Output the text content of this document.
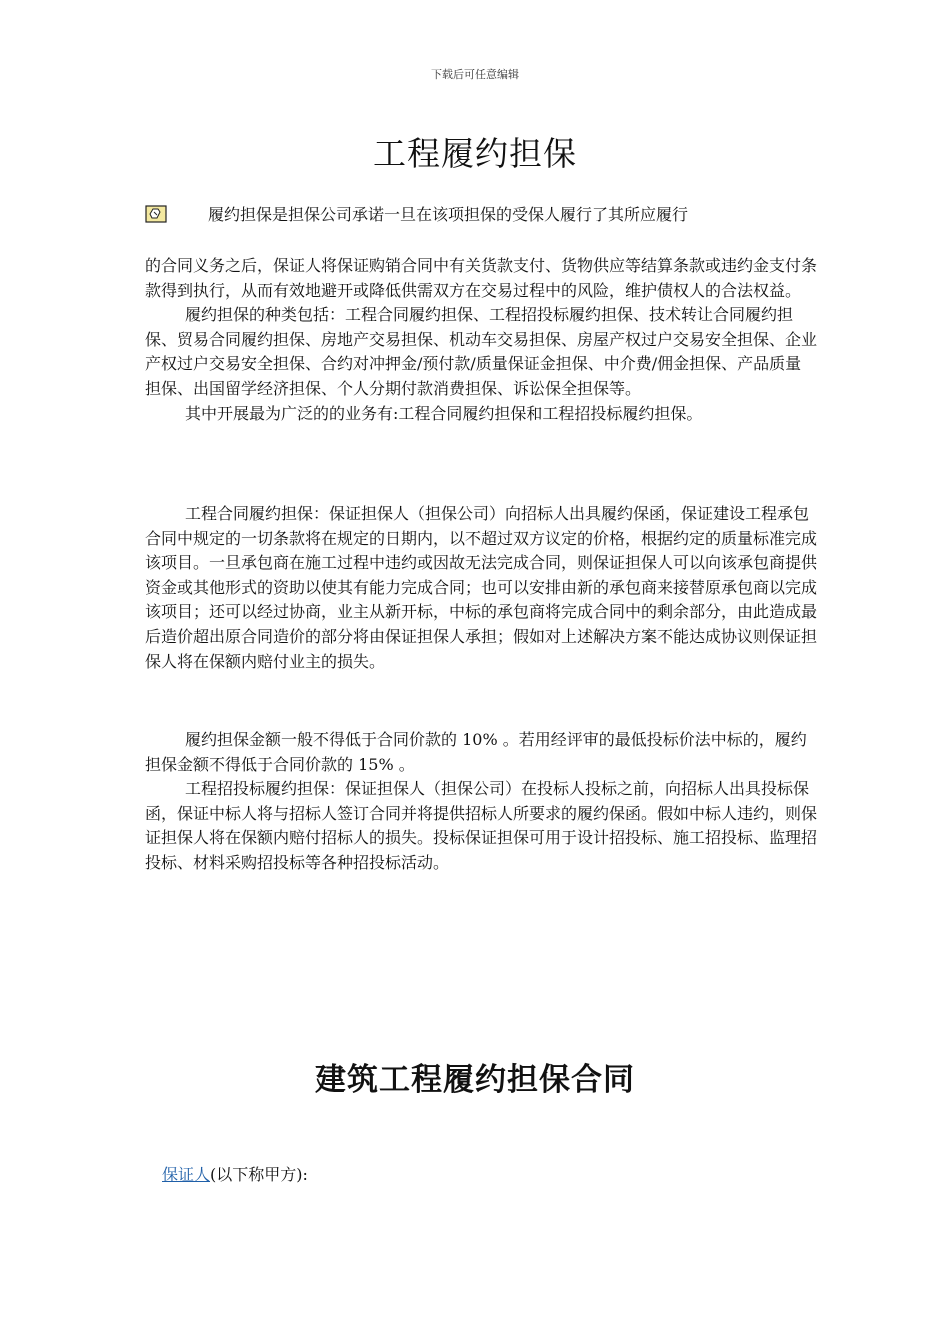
下载后可任意编辑
工程履约担保
履约担保是担保公司承诺一旦在该项担保的受保人履行了其所应履行

的合同义务之后，保证人将保证购销合同中有关货款支付、货物供应等结算条款或违约金支付条款得到执行，从而有效地避开或降低供需双方在交易过程中的风险，维护债权人的合法权益。

履约担保的种类包括：工程合同履约担保、工程招投标履约担保、技术转让合同履约担保、贸易合同履约担保、房地产交易担保、机动车交易担保、房屋产权过户交易安全担保、企业产权过户交易安全担保、合约对冲押金/预付款/质量保证金担保、中介费/佣金担保、产品质量担保、出国留学经济担保、个人分期付款消费担保、诉讼保全担保等。

其中开展最为广泛的的业务有:工程合同履约担保和工程招投标履约担保。

工程合同履约担保：保证担保人（担保公司）向招标人出具履约保函，保证建设工程承包合同中规定的一切条款将在规定的日期内，以不超过双方议定的价格，根据约定的质量标准完成该项目。一旦承包商在施工过程中违约或因故无法完成合同，则保证担保人可以向该承包商提供资金或其他形式的资助以使其有能力完成合同；也可以安排由新的承包商来接替原承包商以完成该项目；还可以经过协商，业主从新开标，中标的承包商将完成合同中的剩余部分，由此造成最后造价超出原合同造价的部分将由保证担保人承担；假如对上述解决方案不能达成协议则保证担保人将在保额内赔付业主的损失。

履约担保金额一般不得低于合同价款的 10% 。若用经评审的最低投标价法中标的，履约担保金额不得低于合同价款的 15% 。

工程招投标履约担保：保证担保人（担保公司）在投标人投标之前，向招标人出具投标保函，保证中标人将与招标人签订合同并将提供招标人所要求的履约保函。假如中标人违约，则保证担保人将在保额内赔付招标人的损失。投标保证担保可用于设计招投标、施工招投标、监理招投标、材料采购招投标等各种招投标活动。

建筑工程履约担保合同
保证人(以下称甲方):
